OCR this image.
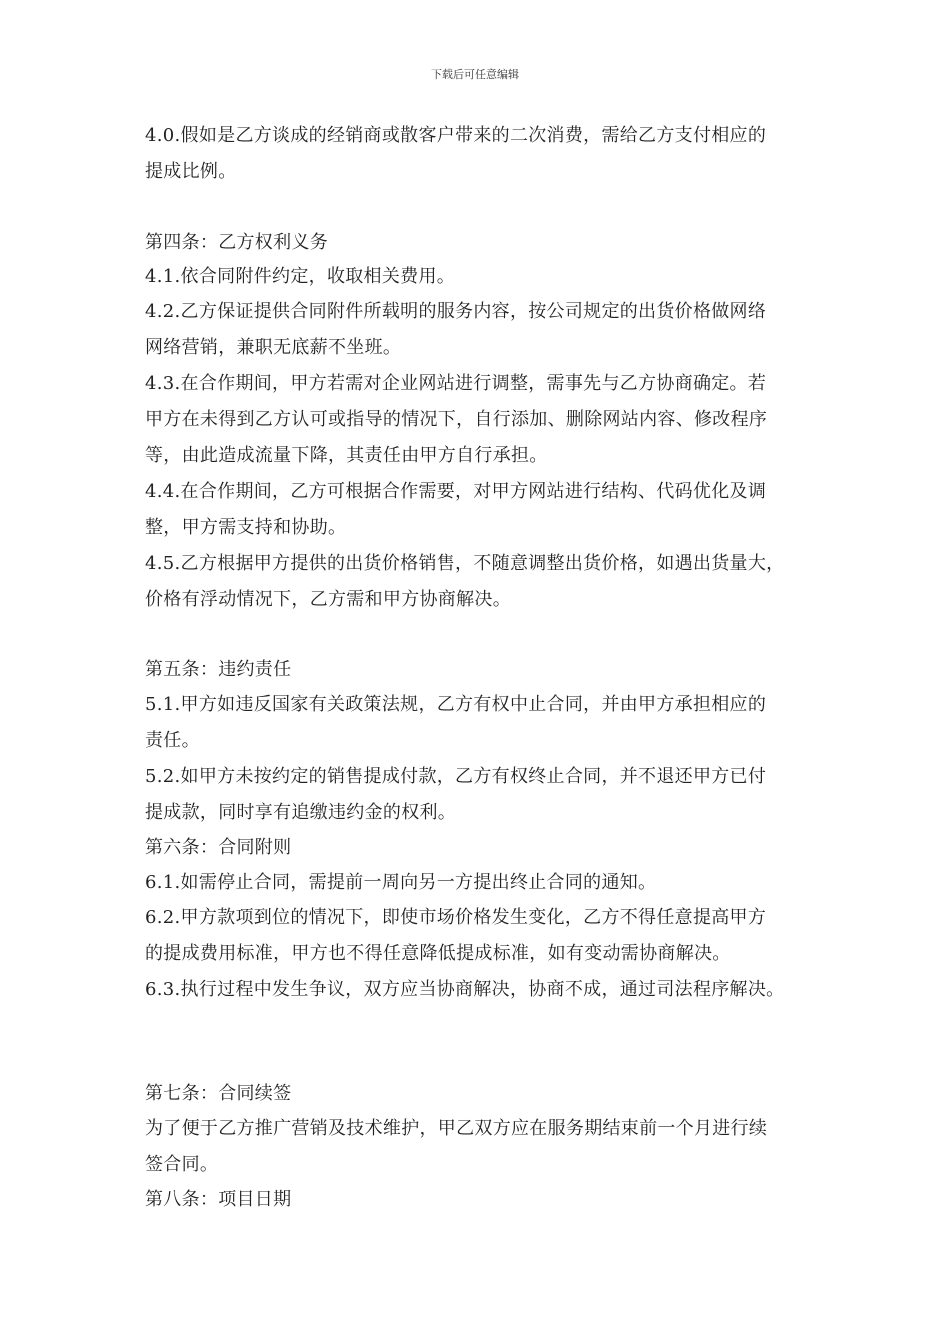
下载后可任意编辑
4.0.假如是乙方谈成的经销商或散客户带来的二次消费，需给乙方支付相应的
提成比例。
第四条：乙方权利义务
4.1.依合同附件约定，收取相关费用。
4.2.乙方保证提供合同附件所载明的服务内容，按公司规定的出货价格做网络
网络营销，兼职无底薪不坐班。
4.3.在合作期间，甲方若需对企业网站进行调整，需事先与乙方协商确定。若
甲方在未得到乙方认可或指导的情况下，自行添加、删除网站内容、修改程序
等，由此造成流量下降，其责任由甲方自行承担。
4.4.在合作期间，乙方可根据合作需要，对甲方网站进行结构、代码优化及调
整，甲方需支持和协助。
4.5.乙方根据甲方提供的出货价格销售，不随意调整出货价格，如遇出货量大，
价格有浮动情况下，乙方需和甲方协商解决。
第五条：违约责任
5.1.甲方如违反国家有关政策法规，乙方有权中止合同，并由甲方承担相应的
责任。
5.2.如甲方未按约定的销售提成付款，乙方有权终止合同，并不退还甲方已付
提成款，同时享有追缴违约金的权利。
第六条：合同附则
6.1.如需停止合同，需提前一周向另一方提出终止合同的通知。
6.2.甲方款项到位的情况下，即使市场价格发生变化，乙方不得任意提高甲方
的提成费用标准，甲方也不得任意降低提成标准，如有变动需协商解决。
6.3.执行过程中发生争议，双方应当协商解决，协商不成，通过司法程序解决。
第七条：合同续签
为了便于乙方推广营销及技术维护，甲乙双方应在服务期结束前一个月进行续
签合同。
第八条：项目日期
